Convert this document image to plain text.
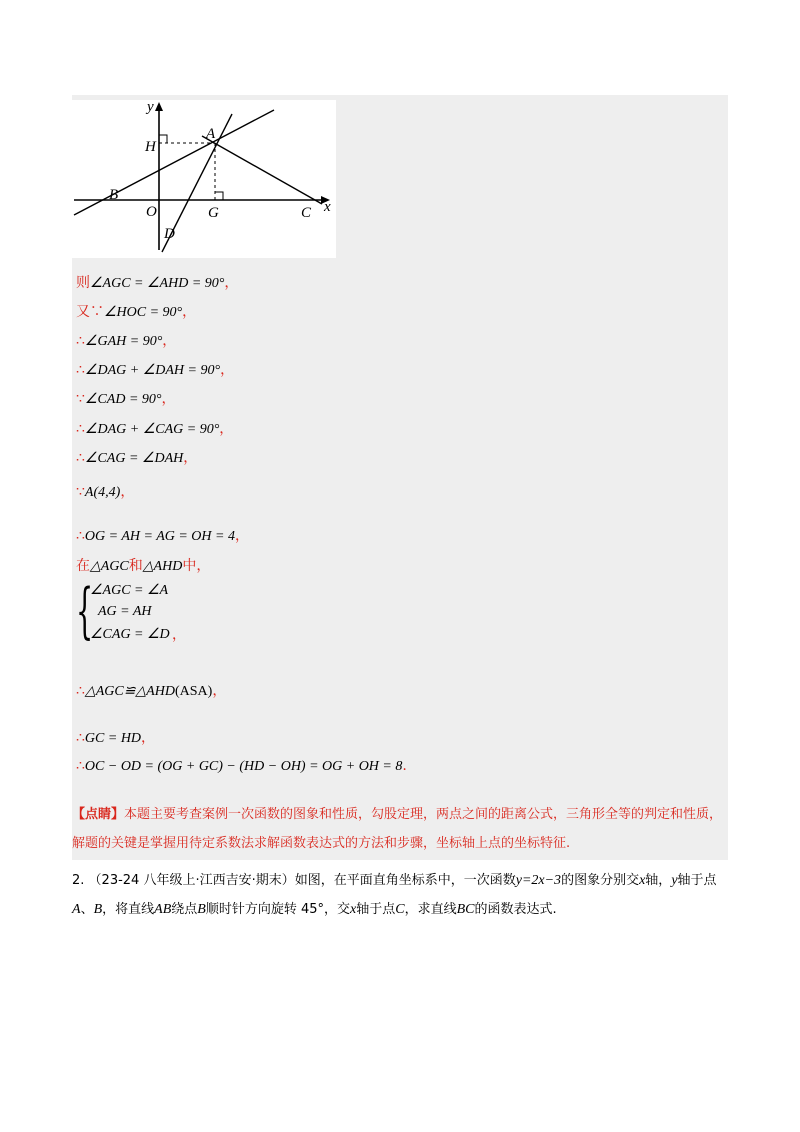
y
x
H
A
B
O	G	C
D
则∠AGC = ∠AHD = 90°，
又∵∠HOC = 90°，
∴∠GAH = 90°，
∴∠DAG + ∠DAH = 90°，
∵∠CAD = 90°，
∴∠DAG + ∠CAG = 90°，
∴∠CAG = ∠DAH，
∵A(4,4)，
∴OG = AH = AG = OH = 4，
在△AGC和△AHD中，
{
∠AGC = ∠A
AG = AH
∠CAG = ∠D ，
∴△AGC≌△AHD(ASA)，
∴GC = HD，
∴OC − OD = (OG + GC) − (HD − OH) = OG + OH = 8.
【点睛】本题主要考查案例一次函数的图象和性质，勾股定理，两点之间的距离公式，三角形全等的判定和性质，解题的关键是掌握用待定系数法求解函数表达式的方法和步骤，坐标轴上点的坐标特征.
2. （23-24 八年级上·江西吉安·期末）如图，在平面直角坐标系中，一次函数y=2x−3的图象分别交x轴，y轴于点A、B，将直线AB绕点B顺时针方向旋转 45°，交x轴于点C，求直线BC的函数表达式.
